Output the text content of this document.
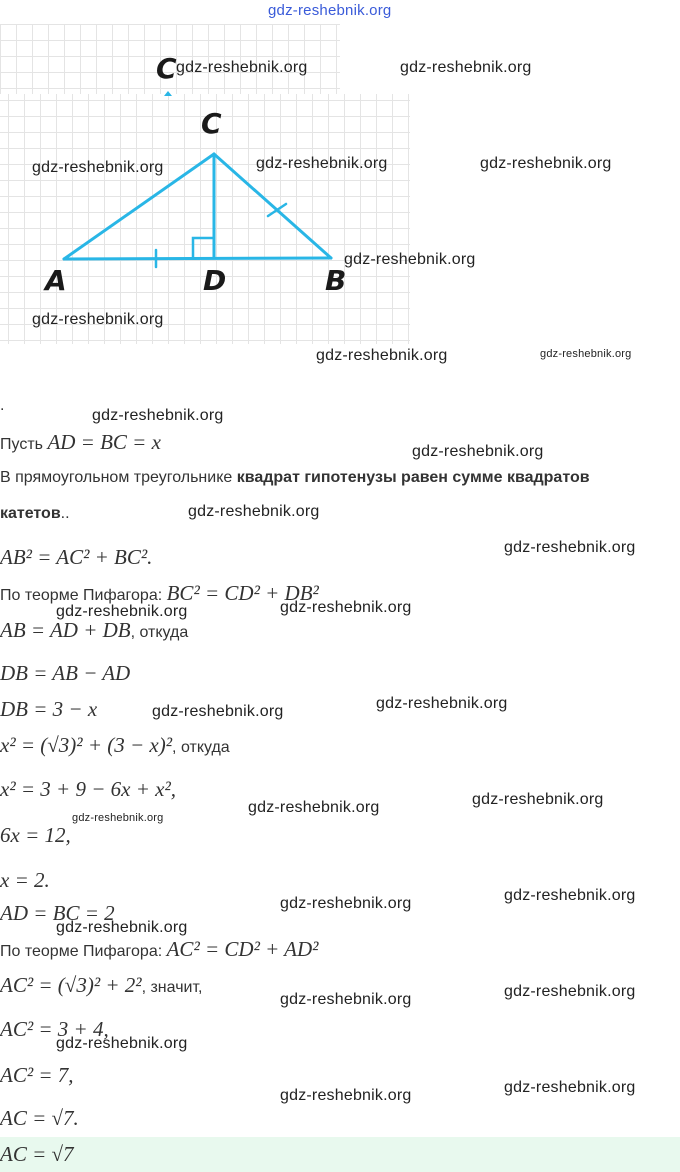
C
C
A	D	B
.
Пусть AD = BC = x
В прямоугольном треугольнике квадрат гипотенузы равен сумме квадратов
катетов..
AB² = AC² + BC².
По теорме Пифагора: BC² = CD² + DB²
AB = AD + DB, откуда
DB = AB − AD
DB = 3 − x
x² = (√3)² + (3 − x)², откуда
x² = 3 + 9 − 6x + x²,
6x = 12,
x = 2.
AD = BC = 2
По теорме Пифагора: AC² = CD² + AD²
AC² = (√3)² + 2², значит,
AC² = 3 + 4,
AC² = 7,
AC = √7.
AC = √7
gdz-reshebnik.org
gdz-reshebnik.org	gdz-reshebnik.org
gdz-reshebnik.org	gdz-reshebnik.org	gdz-reshebnik.org
gdz-reshebnik.org
gdz-reshebnik.org
gdz-reshebnik.org	gdz-reshebnik.org
gdz-reshebnik.org
gdz-reshebnik.org
gdz-reshebnik.org
gdz-reshebnik.org
gdz-reshebnik.org	gdz-reshebnik.org
gdz-reshebnik.org
gdz-reshebnik.org
gdz-reshebnik.org
gdz-reshebnik.org
gdz-reshebnik.org
gdz-reshebnik.org
gdz-reshebnik.org
gdz-reshebnik.org
gdz-reshebnik.org
gdz-reshebnik.org
gdz-reshebnik.org
gdz-reshebnik.org
gdz-reshebnik.org
